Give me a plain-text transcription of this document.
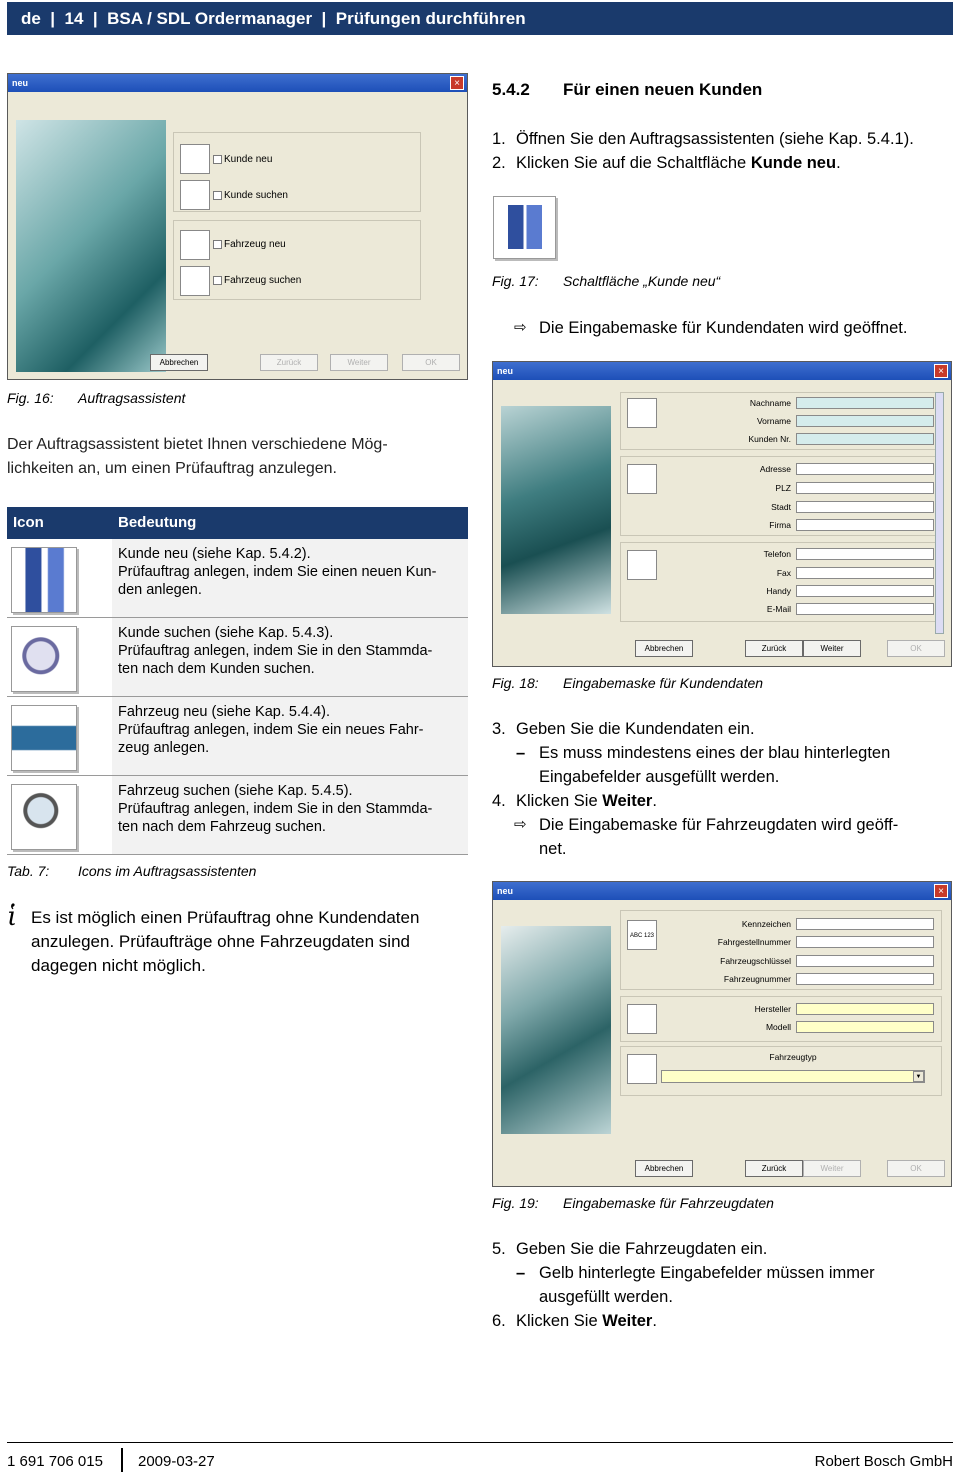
de  |  14  |  BSA / SDL Ordermanager  |  Prüfungen durchführen
neu	×
Kunde neu
Kunde suchen
Fahrzeug neu
Fahrzeug suchen
Abbrechen	Zurück	Weiter	OK
Fig. 16: Auftragsassistent
Der Auftragsassistent bietet Ihnen verschiedene Mög-
lichkeiten an, um einen Prüfauftrag anzulegen.
Icon	Bedeutung
Kunde neu (siehe Kap. 5.4.2).
Prüfauftrag anlegen, indem Sie einen neuen Kun-
den anlegen.
Kunde suchen (siehe Kap. 5.4.3).
Prüfauftrag anlegen, indem Sie in den Stammda-
ten nach dem Kunden suchen.
Fahrzeug neu (siehe Kap. 5.4.4).
Prüfauftrag anlegen, indem Sie ein neues Fahr-
zeug anlegen.
Fahrzeug suchen (siehe Kap. 5.4.5).
Prüfauftrag anlegen, indem Sie in den Stammda-
ten nach dem Fahrzeug suchen.
Tab. 7: Icons im Auftragsassistenten
ἱ Es ist möglich einen Prüfauftrag ohne Kundendaten
anzulegen. Prüfaufträge ohne Fahrzeugdaten sind
dagegen nicht möglich.
5.4.2 Für einen neuen Kunden
1. Öffnen Sie den Auftragsassistenten (siehe Kap. 5.4.1).
2. Klicken Sie auf die Schaltfläche Kunde neu.
Fig. 17: Schaltfläche „Kunde neu“
⇨ Die Eingabemaske für Kundendaten wird geöffnet.
neu	×
Nachname
Vorname
Kunden Nr.
Adresse
PLZ
Stadt
Firma
Telefon
Fax
Handy
E-Mail
Abbrechen	Zurück	Weiter	OK
Fig. 18: Eingabemaske für Kundendaten
3. Geben Sie die Kundendaten ein.
– Es muss mindestens eines der blau hinterlegten
Eingabefelder ausgefüllt werden.
4. Klicken Sie Weiter.
⇨ Die Eingabemaske für Fahrzeugdaten wird geöff-
net.
neu	×
ABC 123
Kennzeichen
Fahrgestellnummer
Fahrzeugschlüssel
Fahrzeugnummer
Hersteller
Modell
Fahrzeugtyp
▼
Abbrechen	Zurück	Weiter	OK
Fig. 19: Eingabemaske für Fahrzeugdaten
5. Geben Sie die Fahrzeugdaten ein.
– Gelb hinterlegte Eingabefelder müssen immer
ausgefüllt werden.
6. Klicken Sie Weiter.
1 691 706 015 2009-03-27	Robert Bosch GmbH
